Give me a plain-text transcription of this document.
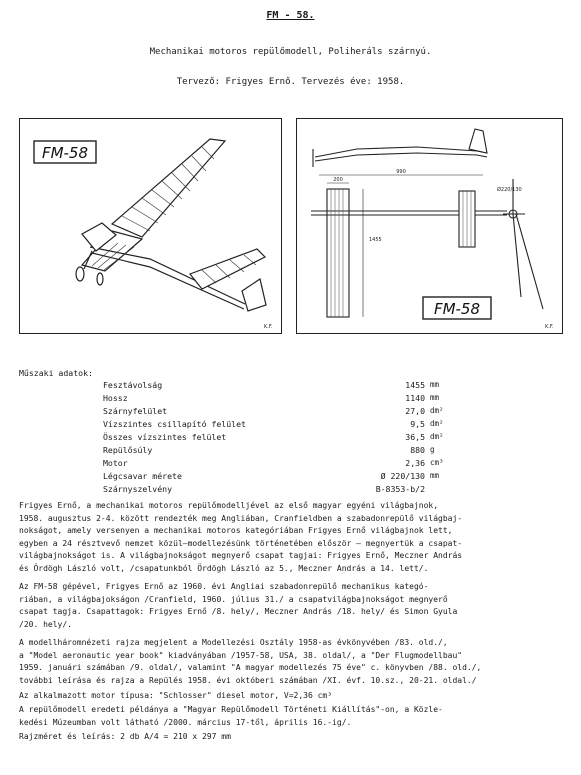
FM - 58.
Mechanikai motoros repülőmodell, Poliheráls szárnyú.
Tervező: Frigyes Ernő. Tervezés éve: 1958.
FM-58
K.F.
990
200
1455
Ø220/130
FM-58
K.F.
Műszaki adatok:
Fesztávolság	1455 mm
Hossz	1140 mm
Szárnyfelület	27,0 dm²
Vízszintes csillapító felület	9,5 dm²
Összes vízszintes felület	36,5 dm²
Repülősúly	880 g
Motor	2,36 cm³
Légcsavar mérete	Ø 220/130 mm
Szárnyszelvény	B-8353-b/2
Frigyes Ernő, a mechanikai motoros repülőmodelljével az első magyar egyéni világbajnok,
1958. augusztus 2-4. között rendezték meg Angliában, Cranfieldben a szabadonrepülő világbaj-
nokságot, amely versenyen a mechanikai motoros kategóriában Frigyes Ernő világbajnok lett,
egyben a 24 résztvevő nemzet közül—modellezésünk történetében először — megnyertük a csapat-
világbajnokságot is. A világbajnokságot megnyerő csapat tagjai: Frigyes Ernő, Meczner András
és Ördögh László volt, /csapatunkból Ördögh László az 5., Meczner András a 14. lett/.
Az FM-58 gépével, Frigyes Ernő az 1960. évi Angliai szabadonrepülő mechanikus kategó-
riában, a világbajokságon /Cranfield, 1960. július 31./ a csapatvilágbajnokságot megnyerő
csapat tagja. Csapattagok: Frigyes Ernő /8. hely/, Meczner András /18. hely/ és Simon Gyula
/20. hely/.
A modellháromnézeti rajza megjelent a Modellezési Osztály 1958-as évkönyvében /83. old./,
a "Model aeronautic year book" kiadványában /1957-58, USA, 38. oldal/, a "Der Flugmodellbau"
1959. januári számában /9. oldal/, valamint "A magyar modellezés 75 éve" c. könyvben /88. old./,
további leírása és rajza a Repülés 1958. évi októberi számában /XI. évf. 10.sz., 20-21. oldal./
Az alkalmazott motor típusa: "Schlosser" diesel motor, V=2,36 cm³
A repülőmodell eredeti példánya a "Magyar Repülőmodell Történeti Kiállítás"-on, a Közle-
kedési Múzeumban volt látható /2000. március 17-től, április 16.-ig/.
Rajzméret és leírás: 2 db A/4 = 210 x 297 mm
